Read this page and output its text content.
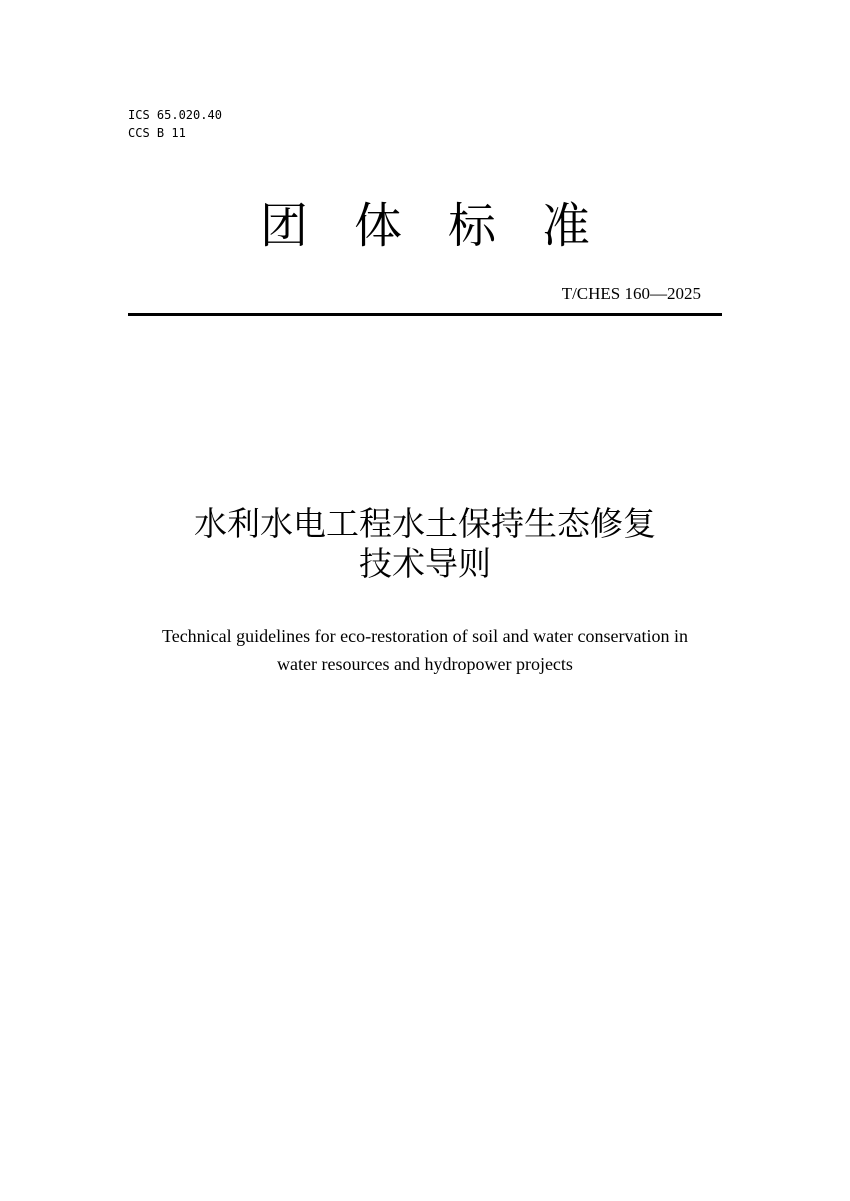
ICS 65.020.40
CCS B 11
团体标准
T/CHES 160—2025
水利水电工程水土保持生态修复
技术导则
Technical guidelines for eco-restoration of soil and water conservation in
water resources and hydropower projects
